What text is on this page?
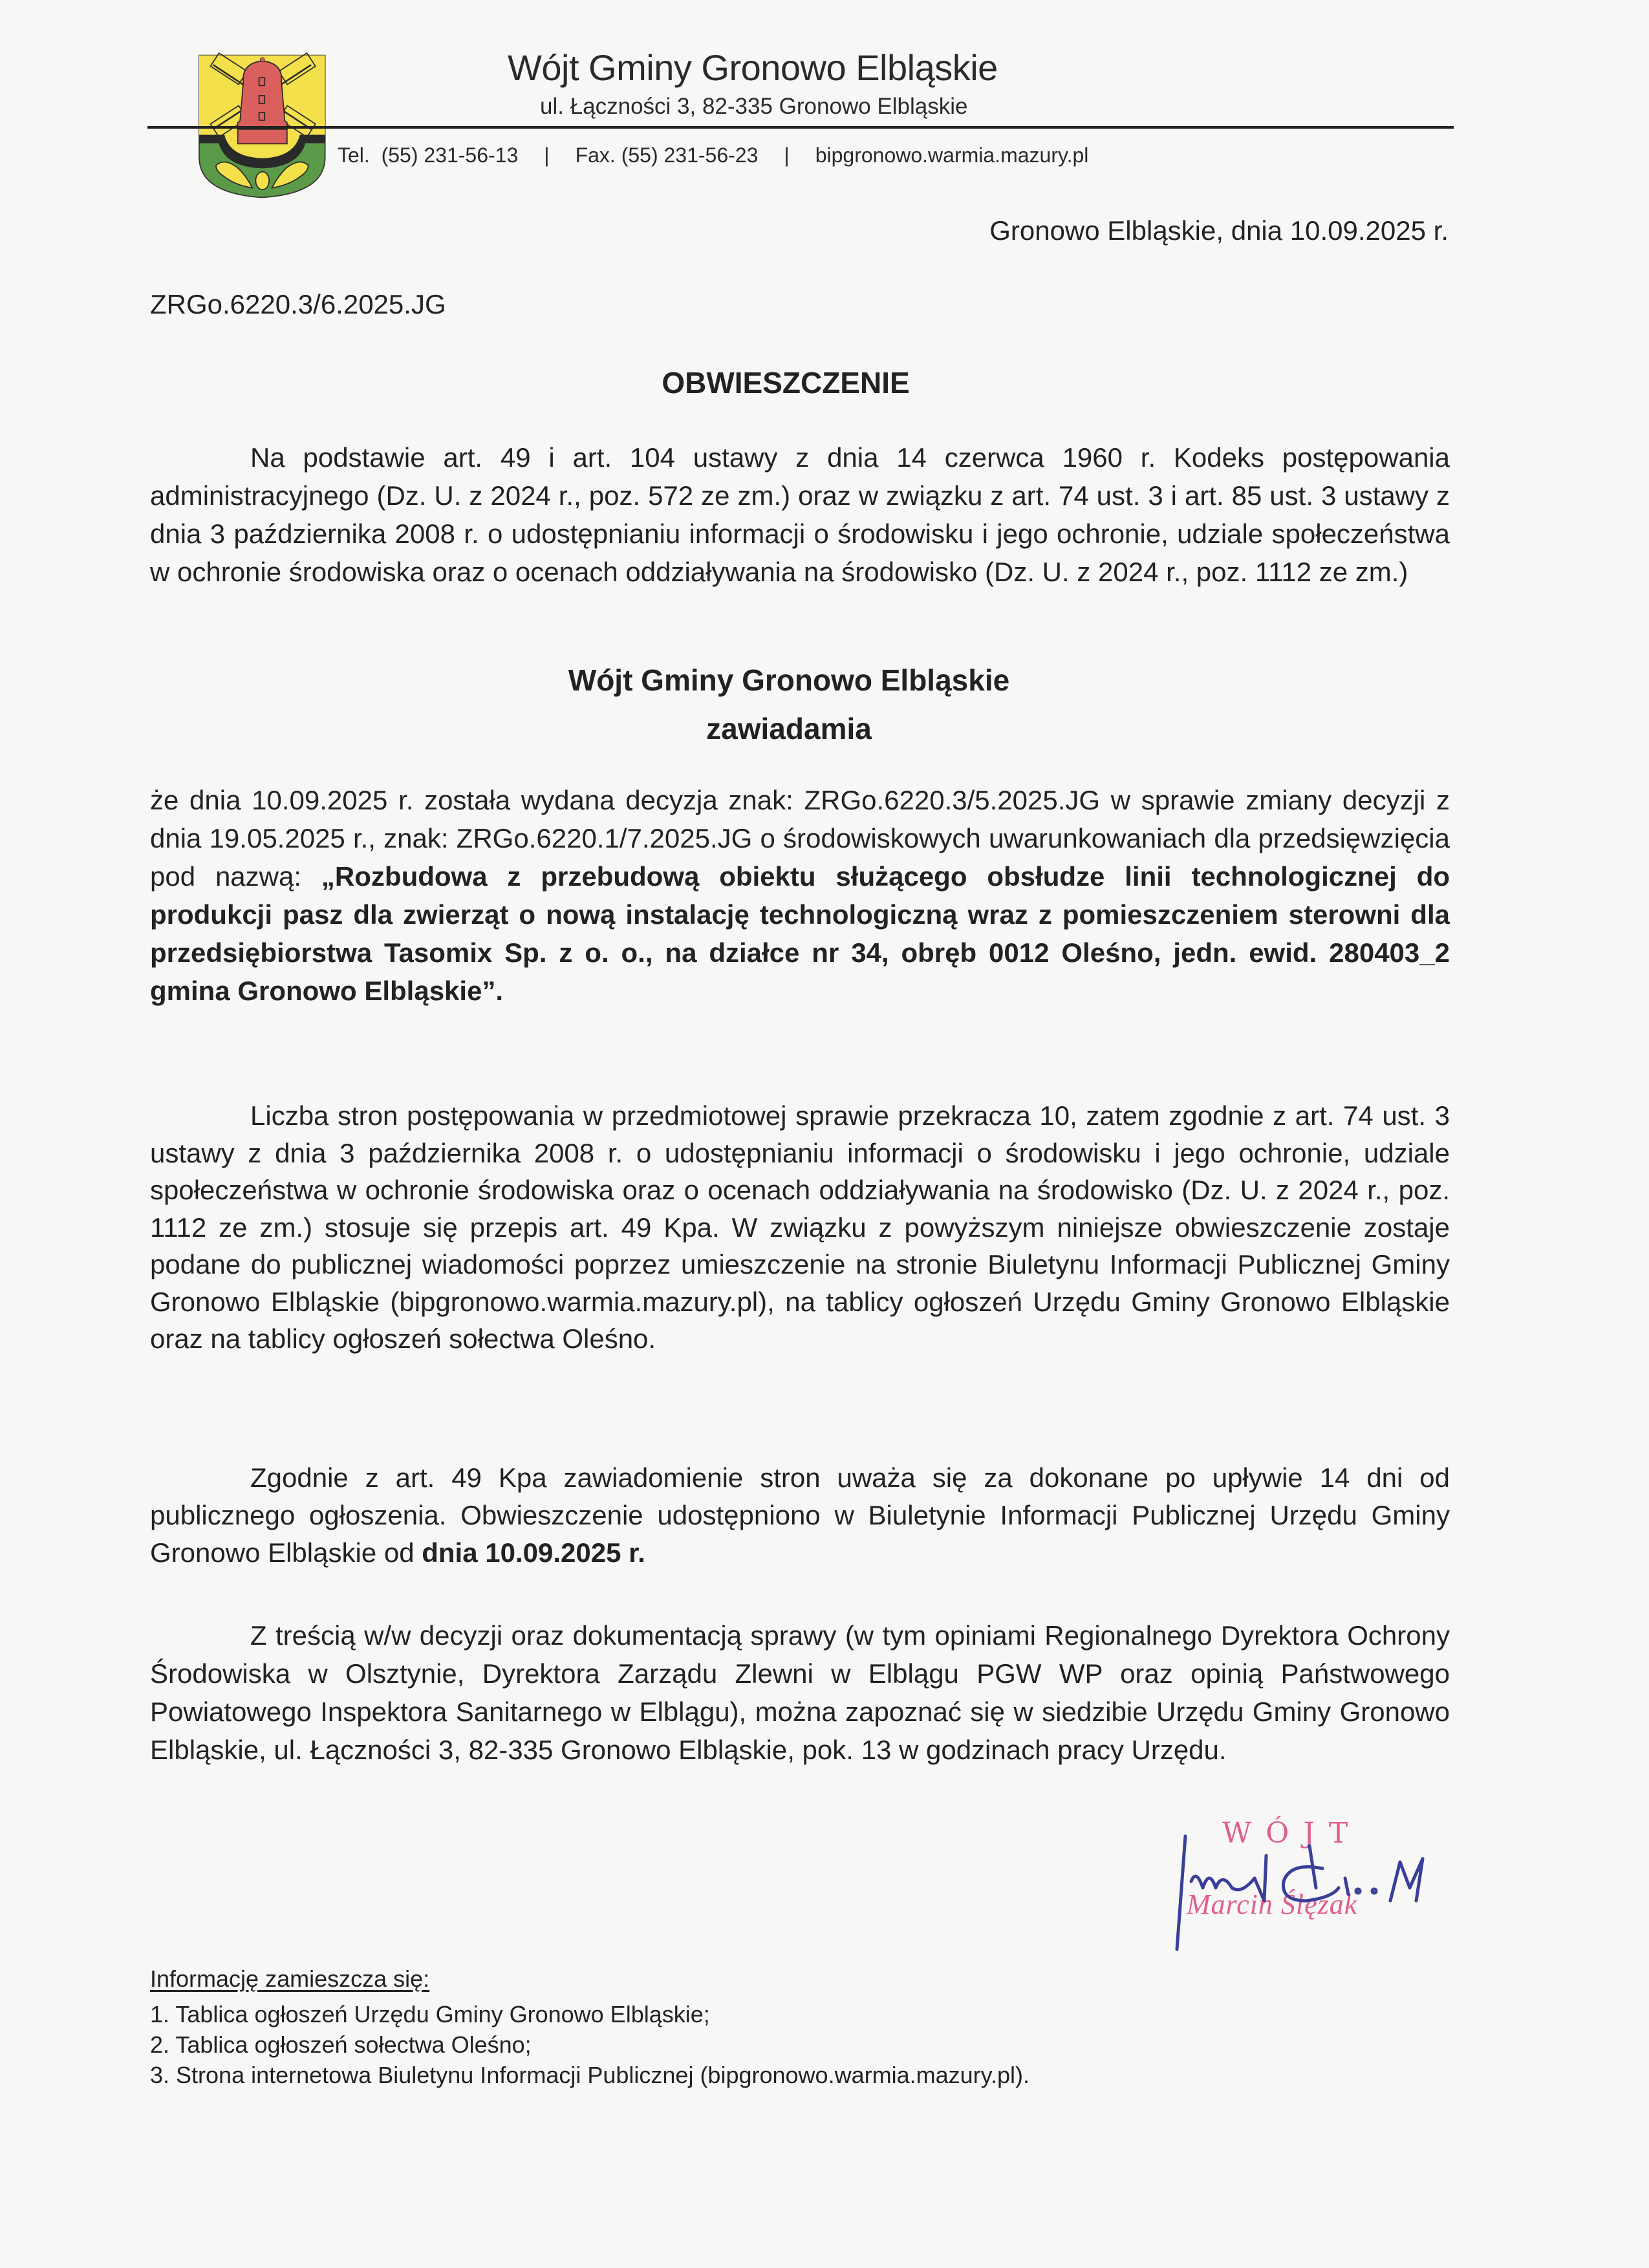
Wójt Gminy Gronowo Elbląskie
ul. Łączności 3, 82-335 Gronowo Elbląskie
Tel.  (55) 231-56-13 | Fax. (55) 231-56-23 | bipgronowo.warmia.mazury.pl
Gronowo Elbląskie, dnia 10.09.2025 r.
ZRGo.6220.3/6.2025.JG
OBWIESZCZENIE

Na podstawie art. 49 i art. 104 ustawy z dnia 14 czerwca 1960 r. Kodeks postępowania administracyjnego (Dz. U. z 2024 r., poz. 572 ze zm.) oraz w związku z art. 74 ust. 3 i art. 85 ust. 3 ustawy z dnia 3 października 2008 r. o udostępnianiu informacji o środowisku i jego ochronie, udziale społeczeństwa w ochronie środowiska oraz o ocenach oddziaływania na środowisko (Dz. U. z 2024 r., poz. 1112 ze zm.)

Wójt Gminy Gronowo Elbląskie
zawiadamia

że dnia 10.09.2025 r. została wydana decyzja znak: ZRGo.6220.3/5.2025.JG w sprawie zmiany decyzji z dnia 19.05.2025 r., znak: ZRGo.6220.1/7.2025.JG o środowiskowych uwarunkowaniach dla przedsięwzięcia pod nazwą: „Rozbudowa z przebudową obiektu służącego obsłudze linii technologicznej do produkcji pasz dla zwierząt o nową instalację technologiczną wraz z pomieszczeniem sterowni dla przedsiębiorstwa Tasomix Sp. z o. o., na działce nr 34, obręb 0012 Oleśno, jedn. ewid. 280403_2 gmina Gronowo Elbląskie”.

Liczba stron postępowania w przedmiotowej sprawie przekracza 10, zatem zgodnie z art. 74 ust. 3 ustawy z dnia 3 października 2008 r. o udostępnianiu informacji o środowisku i jego ochronie, udziale społeczeństwa w ochronie środowiska oraz o ocenach oddziaływania na środowisko (Dz. U. z 2024 r., poz. 1112 ze zm.) stosuje się przepis art. 49 Kpa. W związku z powyższym niniejsze obwieszczenie zostaje podane do publicznej wiadomości poprzez umieszczenie na stronie Biuletynu Informacji Publicznej Gminy Gronowo Elbląskie (bipgronowo.warmia.mazury.pl), na tablicy ogłoszeń Urzędu Gminy Gronowo Elbląskie oraz na tablicy ogłoszeń sołectwa Oleśno.

Zgodnie z art. 49 Kpa zawiadomienie stron uważa się za dokonane po upływie 14 dni od publicznego ogłoszenia. Obwieszczenie udostępniono w Biuletynie Informacji Publicznej Urzędu Gminy Gronowo Elbląskie od dnia 10.09.2025 r.

Z treścią w/w decyzji oraz dokumentacją sprawy (w tym opiniami Regionalnego Dyrektora Ochrony Środowiska w Olsztynie, Dyrektora Zarządu Zlewni w Elblągu PGW WP oraz opinią Państwowego Powiatowego Inspektora Sanitarnego w Elblągu), można zapoznać się w siedzibie Urzędu Gminy Gronowo Elbląskie, ul. Łączności 3, 82-335 Gronowo Elbląskie, pok. 13 w godzinach pracy Urzędu.

WÓJT
Marcin Ślęzak
Informację zamieszcza się:
1. Tablica ogłoszeń Urzędu Gminy Gronowo Elbląskie;
2. Tablica ogłoszeń sołectwa Oleśno;
3. Strona internetowa Biuletynu Informacji Publicznej (bipgronowo.warmia.mazury.pl).
